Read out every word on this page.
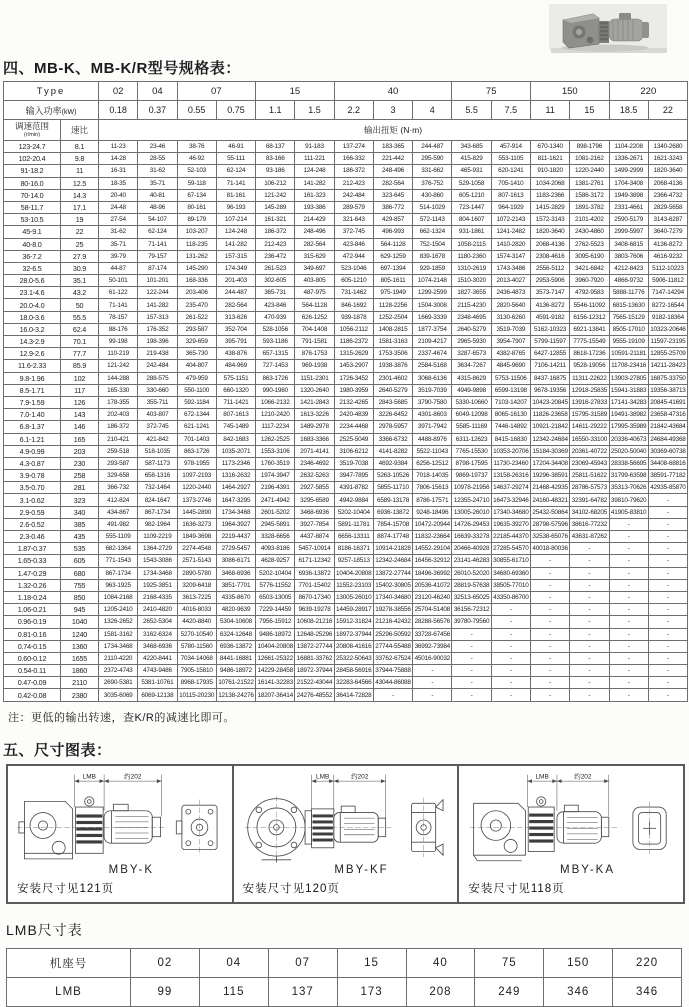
四、MB-K、MB-K/R型号规格表：
Type		02	04	07		15		40			75		150		220	
输入功率(kW)		0.18	0.37	0.55	0.75	1.1	1.5	2.2	3	4	5.5	7.5	11	15	18.5	22
调速范围
(r/min)	速比	输出扭矩 (N·m)														
123-24.7	8.1	11-23	23-46	38-76	46-91	68-137	91-183	137-274	183-365	244-487	343-685	457-914	670-1340	898-1796	1104-2208	1340-2680
102-20.4	9.8	14-28	28-55	46-92	55-111	83-166	111-221	166-332	221-442	295-590	415-829	553-1105	811-1621	1081-2162	1336-2671	1621-3243
91-18.2	11	16-31	31-62	52-103	62-124	93-186	124-248	186-372	248-496	331-662	465-931	620-1241	910-1820	1220-2440	1499-2999	1820-3640
80-16.0	12.5	18-35	35-71	59-118	71-141	106-212	141-282	212-423	282-564	376-752	529-1058	705-1410	1034-2068	1381-2761	1704-3408	2068-4136
70-14.0	14.3	20-40	40-81	67-134	81-161	121-242	161-323	242-484	323-645	430-860	605-1210	807-1613	1183-2366	1586-3172	1949-3898	2366-4732
58-11.7	17.1	24-48	48-96	80-161	96-193	145-289	193-386	289-579	386-772	514-1029	723-1447	964-1929	1415-2829	1891-3782	2331-4661	2829-5658
53-10.5	19	27-54	54-107	89-179	107-214	161-321	214-429	321-643	429-857	572-1143	804-1607	1072-2143	1572-3143	2101-4202	2590-5179	3143-6287
45-9.1	22	31-62	62-124	103-207	124-248	186-372	248-496	372-745	496-993	662-1324	931-1861	1241-2482	1820-3640	2430-4860	2999-5997	3640-7279
40-8.0	25	35-71	71-141	118-235	141-282	212-423	282-564	423-846	564-1128	752-1504	1058-2115	1410-2820	2068-4136	2762-5523	3408-6815	4136-8272
36-7.2	27.9	39-79	79-157	131-262	157-315	236-472	315-629	472-944	629-1259	839-1678	1180-2360	1574-3147	2308-4616	3095-6190	3803-7606	4616-9232
32-6.5	30.9	44-87	87-174	145-290	174-349	261-523	349-697	523-1046	697-1394	929-1859	1310-2619	1743-3486	2556-5112	3421-6842	4212-8423	5112-10223
28.0-5.6	35.1	50-101	101-201	168-336	201-403	302-605	403-805	605-1210	805-1611	1074-2148	1510-3020	2013-4027	2953-5906	3960-7920	4866-9732	5906-11812
23.1-4.6	43.2	61-122	122-244	203-406	244-487	365-731	487-975	731-1462	975-1949	1299-2599	1827-3655	2436-4873	3573-7147	4792-9583	5888-11776	7147-14294
20.0-4.0	50	71-141	141-282	235-470	282-564	423-846	564-1128	846-1692	1128-2256	1504-3008	2115-4230	2820-5640	4136-8272	5546-11092	6815-13630	8272-16544
18.0-3.6	55.5	78-157	157-313	261-522	313-626	470-939	626-1252	939-1878	1252-2504	1669-3339	2348-4695	3130-6260	4591-9182	6156-12312	7565-15129	9182-18364
16.0-3.2	62.4	88-176	176-352	293-587	352-704	528-1056	704-1408	1056-2112	1408-2815	1877-3754	2640-5279	3519-7039	5162-10323	6921-13841	8505-17010	10323-20646
14.3-2.9	70.1	99-198	198-396	329-659	395-791	593-1186	791-1581	1186-2372	1581-3163	2109-4217	2965-5930	3954-7907	5799-11597	7775-15549	9555-19109	11597-23195
12.9-2.6	77.7	110-219	219-438	365-730	438-876	657-1315	876-1753	1315-2629	1753-3506	2337-4674	3287-6573	4382-8765	6427-12855	8618-17236	10591-21181	12855-25709
11.6-2.33	85.9	121-242	242-484	404-807	484-969	727-1453	969-1938	1453-2907	1938-3876	2584-5168	3634-7267	4845-9690	7106-14211	9528-19056	11708-23416	14211-28423
9.8-1.96	102	144-288	288-575	479-959	575-1151	863-1726	1151-2301	1726-3452	2301-4602	3068-6136	4315-8629	5753-11506	8437-16875	11311-22622	13903-27805	16875-33750
8.5-1.71	117	165-330	330-660	550-1100	660-1320	990-1980	1320-2640	1980-3959	2640-5279	3519-7039	4949-9898	6599-13198	9678-19356	12918-25835	15941-31883	19356-38713
7.9-1.59	126	178-355	355-711	592-1184	711-1421	1066-2132	1421-2843	2132-4265	2843-5685	3790-7580	5330-10660	7103-14207	10423-20845	13916-27833	17141-34283	20845-41691
7.0-1.40	143	202-403	403-807	672-1344	807-1613	1210-2420	1613-3226	2420-4839	3226-6452	4301-8603	6049-12098	8065-16130	11826-23658	15795-31589	19491-38982	23658-47316
6.8-1.37	146	186-372	372-745	621-1241	745-1489	1117-2234	1489-2978	2234-4468	2978-5957	3971-7942	5585-11169	7446-14892	10921-21842	14611-29222	17995-35989	21842-43684
6.1-1.21	165	210-421	421-842	701-1403	842-1683	1262-2525	1683-3366	2525-5049	3366-6732	4488-8976	6311-12623	8415-16830	12342-24684	16550-33100	20336-40673	24684-49368
4.9-0.99	203	259-518	518-1035	863-1726	1035-2071	1553-3106	2071-4141	3106-6212	4141-8282	5522-11043	7765-15530	10353-20706	15184-30369	20361-40722	25020-50040	30369-60738
4.3-0.87	230	293-587	587-1173	978-1955	1173-2346	1760-3519	2346-4692	3519-7038	4692-9384	6256-12512	8798-17595	11730-23460	17204-34408	23069-45943	28338-56695	34408-68816
3.9-0.78	258	329-658	658-1316	1097-2193	1316-2632	1974-3947	2632-5263	3947-7895	5263-10526	7018-14035	9869-19737	13158-26316	19296-38591	25811-51622	31799-63598	38591-77182
3.5-0.70	281	366-732	732-1464	1220-2440	1464-2927	2196-4391	2927-5855	4391-8782	5855-11710	7806-15613	10978-21956	14637-29274	21468-42935	28786-57573	35313-70626	42935-85870
3.1-0.62	323	412-824	824-1647	1373-2746	1647-3295	2471-4942	3295-6589	4942-9884	6589-13178	8786-17571	12355-24710	16473-32946	24160-48321	32391-64782	39810-79620	-
2.9-0.59	340	434-867	867-1734	1445-2890	1734-3468	2601-5202	3468-6936	5202-10404	6936-13872	9248-18496	13005-26010	17340-34680	25432-50864	34102-68205	41905-83810	-
2.6-0.52	385	491-982	982-1964	1636-3273	1964-3927	2945-5891	3927-7854	5891-11781	7854-15708	10472-20944	14726-29453	19635-39270	28798-57596	38616-77232	-	-
2.3-0.46	435	555-1109	1109-2219	1849-3698	2219-4437	3328-6656	4437-8874	6656-13311	8874-17748	11832-23664	16639-33278	22185-44370	32538-65076	43631-87262	-	-
1.87-0.37	535	682-1364	1364-2729	2274-4548	2729-5457	4093-8186	5457-10914	8186-16371	10914-21828	14552-29104	20466-40928	27285-54570	40018-80036	-	-	-
1.65-0.33	605	771-1543	1543-3086	2571-5143	3086-6171	4628-9257	6171-12342	9257-18513	12342-24684	16456-32912	23141-46283	30855-61710	-	-	-	-
1.47-0.29	680	867-1734	1734-3468	2890-5780	3468-6936	5202-10404	6936-13872	10404-20808	13872-27744	18496-36992	26010-52020	34680-69360	-	-	-	-
1.32-0.26	755	963-1925	1925-3851	3209-6418	3851-7701	5776-11552	7701-15402	11552-23103	15402-30805	20536-41072	28819-57638	38505-77010	-	-	-	-
1.18-0.24	850	1084-2168	2168-4335	3613-7225	4335-8670	6503-13005	8670-17340	13005-26010	17340-34680	23120-46240	32513-65025	43350-86700	-	-	-	-
1.06-0.21	945	1205-2410	2410-4820	4016-8033	4820-9639	7229-14459	9639-19278	14459-28917	19278-38556	25704-51408	36156-72312	-	-	-	-	-
0.96-0.19	1040	1326-2652	2652-5304	4420-8840	5304-10608	7956-15912	10608-21216	15912-31824	21216-42432	28288-56576	39780-79560	-	-	-	-	-
0.81-0.16	1240	1581-3162	3162-6324	5270-10540	6324-12648	9486-18972	12648-25296	18972-37944	25296-50592	33728-67456	-	-	-	-	-	-
0.74-0.15	1360	1734-3468	3468-6936	5780-11560	6936-13872	10404-20808	13872-27744	20808-41616	27744-55488	36992-73984	-	-	-	-	-	-
0.60-0.12	1655	2110-4220	4220-8441	7034-14068	8441-16881	12661-25322	16881-33762	25322-50643	33762-67524	45016-90032	-	-	-	-	-	-
0.54-0.11	1860	2372-4743	4743-9486	7905-15810	9486-18972	14229-28458	18972-37944	28458-56916	37944-75888	-	-	-	-	-	-	-
0.47-0.09	2110	2690-5381	5381-10761	8968-17935	10761-21522	16141-32283	21522-43044	32283-64566	43044-86088	-	-	-	-	-	-	-
0.42-0.08	2380	3035-6069	6069-12138	10115-20230	12138-24276	18207-36414	24276-48552	36414-72828	-	-	-	-	-	-	-	-
注：更低的输出转速，查K/R的减速比即可。
五、尺寸图表：
LMB	约202
MBY-K
安装尺寸见121页
LMB	约202
MBY-KF
安装尺寸见120页
LMB	约202
MBY-KA
安装尺寸见118页
LMB尺寸表
机座号	02	04	07	15	40	75	150	220
LMB	99	115	137	173	208	249	346	346
